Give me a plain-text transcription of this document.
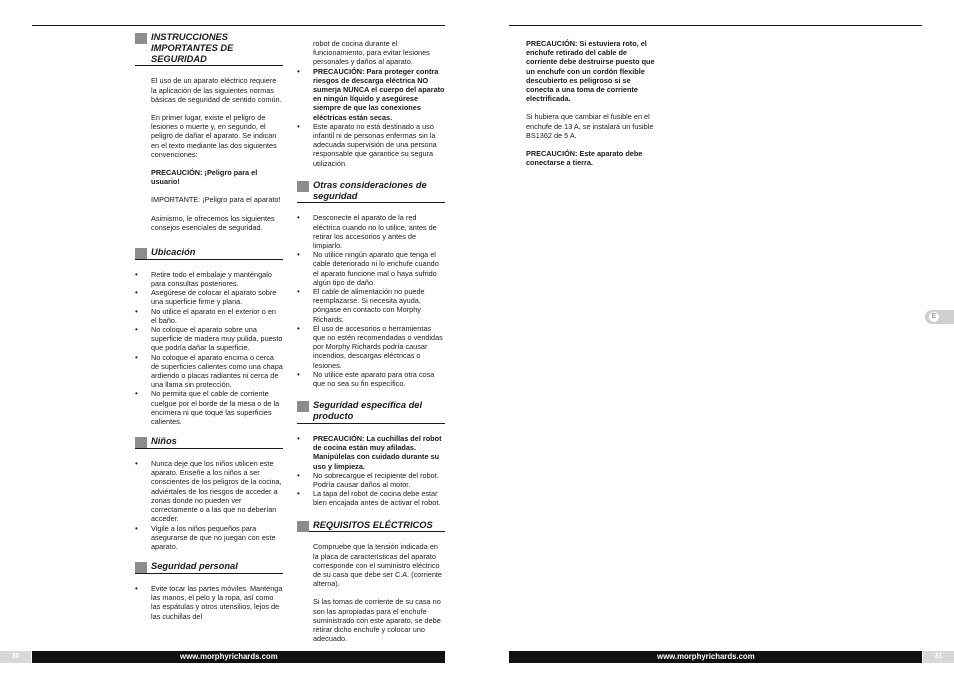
INSTRUCCIONES IMPORTANTES DE SEGURIDAD

El uso de un aparato eléctrico requiere la aplicación de las siguientes normas básicas de seguridad de sentido común.

En primer lugar, existe el peligro de lesiones o muerte y, en segundo, el peligro de dañar el aparato. Se indican en el texto mediante las dos siguientes convenciones:

PRECAUCIÓN: ¡Peligro para el usuario!

IMPORTANTE: ¡Peligro para el aparato!

Asimismo, le ofrecemos los siguientes consejos esenciales de seguridad.

Ubicación
• Retire todo el embalaje y manténgalo para consultas posteriores.
• Asegúrese de colocar el aparato sobre una superficie firme y plana.
• No utilice el aparato en el exterior o en el baño.
• No coloque el aparato sobre una superficie de madera muy pulida, puesto que podría dañar la superficie.
• No coloque el aparato encima o cerca de superficies calientes como una chapa ardiendo o placas radiantes ni cerca de una llama sin protección.
• No permita que el cable de corriente cuelgue por el borde de la mesa o de la encimera ni que toque las superficies calientes.
Niños
• Nunca deje que los niños utilicen este aparato. Enseñe a los niños a ser conscientes de los peligros de la cocina, adviértales de los riesgos de acceder a zonas donde no pueden ver correctamente o a las que no deberían acceder.
• Vigile a los niños pequeños para asegurarse de que no juegan con este aparato.
Seguridad personal
• Evite tocar las partes móviles. Mantenga las manos, el pelo y la ropa, así como las espátulas y otros utensilios, lejos de las cuchillas del

robot de cocina durante el funcionamiento, para evitar lesiones personales y daños al aparato.

• PRECAUCIÓN: Para proteger contra riesgos de descarga eléctrica NO sumerja NUNCA el cuerpo del aparato en ningún líquido y asegúrese siempre de que las conexiones eléctricas están secas.
• Este aparato no está destinado a uso infantil ni de personas enfermas sin la adecuada supervisión de una persona responsable que garantice su segura utilización.
Otras consideraciones de seguridad
• Desconecte el aparato de la red eléctrica cuando no lo utilice, antes de retirar los accesorios y antes de limpiarlo.
• No utilice ningún aparato que tenga el cable deteriorado ni lo enchufe cuando el aparato funcione mal o haya sufrido algún tipo de daño.
• El cable de alimentación no puede reemplazarse. Si necesita ayuda, póngase en contacto con Morphy Richards.
• El uso de accesorios o herramientas que no estén recomendadas o vendidas por Morphy Richards podría causar incendios, descargas eléctricas o lesiones.
• No utilice este aparato para otra cosa que no sea su fin específico.
Seguridad específica del producto
• PRECAUCIÓN: La cuchillas del robot de cocina están muy afiladas. Manipúlelas con cuidado durante su uso y limpieza.
• No sobrecargue el recipiente del robot. Podría causar daños al motor.
• La tapa del robot de cocina debe estar bien encajada antes de activar el robot.
REQUISITOS ELÉCTRICOS

Compruebe que la tensión indicada en la placa de características del aparato corresponde con el suministro eléctrico de su casa que debe ser C.A. (corriente alterna).

Si las tomas de corriente de su casa no son las apropiadas para el enchufe suministrado con este aparato, se debe retirar dicho enchufe y colocar uno adecuado.

PRECAUCIÓN: Si estuviera roto, el enchufe retirado del cable de corriente debe destruirse puesto que un enchufe con un cordón flexible descubierto es peligroso si se conecta a una toma de corriente electrificada.

Si hubiera que cambiar el fusible en el enchufe de 13 A, se instalará un fusible BS1362 de 5 A.

PRECAUCIÓN: Este aparato debe conectarse a tierra.

E
30	www.morphyrichards.com	www.morphyrichards.com	31
